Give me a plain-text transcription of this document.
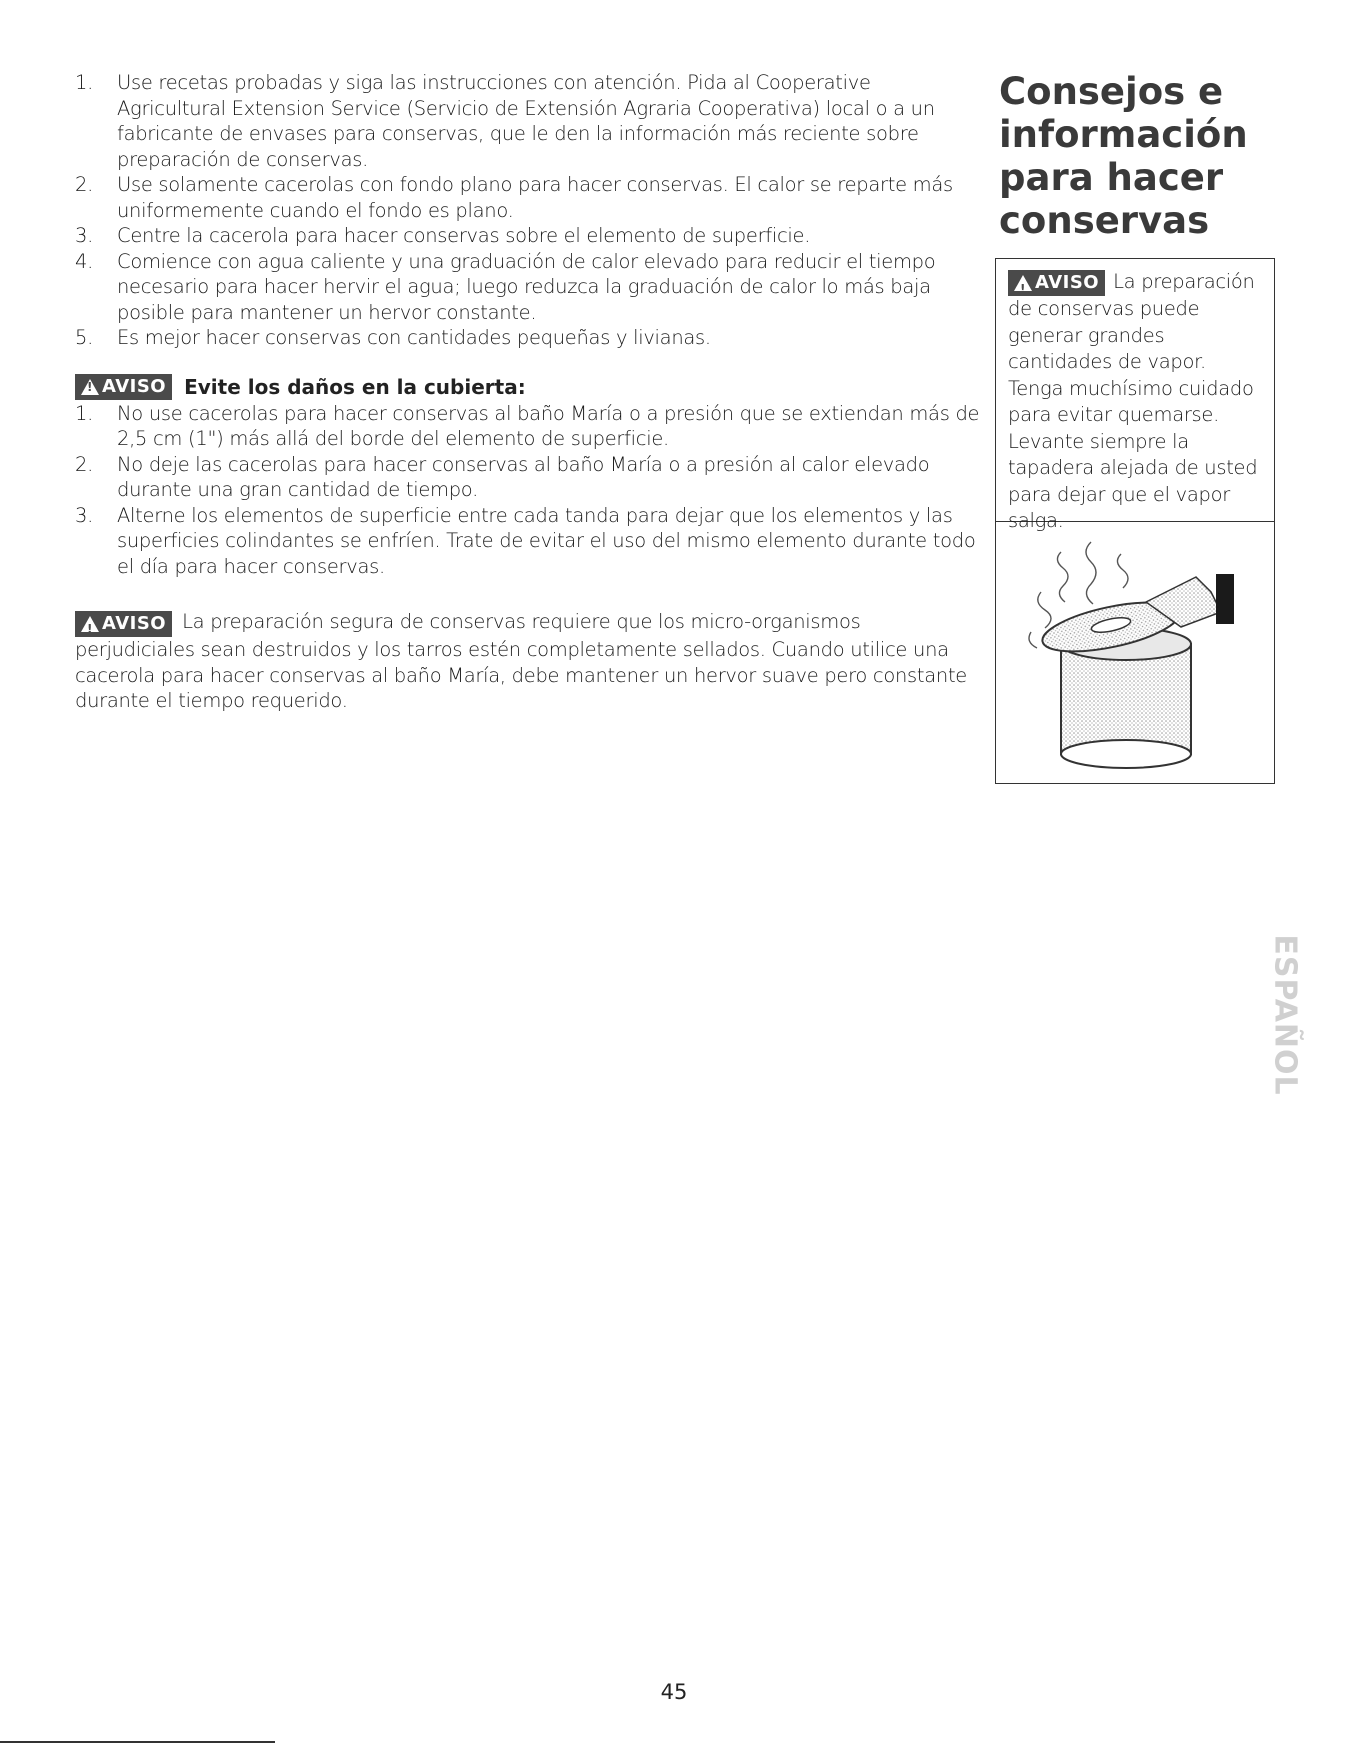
1. Use recetas probadas y siga las instrucciones con atención. Pida al Cooperative Agricultural Extension Service (Servicio de Extensión Agraria Cooperativa) local o a un fabricante de envases para conservas, que le den la información más reciente sobre preparación de conservas.
2. Use solamente cacerolas con fondo plano para hacer conservas. El calor se reparte más uniformemente cuando el fondo es plano.
3. Centre la cacerola para hacer conservas sobre el elemento de superficie.
4. Comience con agua caliente y una graduación de calor elevado para reducir el tiempo necesario para hacer hervir el agua; luego reduzca la graduación de calor lo más baja posible para mantener un hervor constante.
5. Es mejor hacer conservas con cantidades pequeñas y livianas.
!
AVISO Evite los daños en la cubierta:
1. No use cacerolas para hacer conservas al baño María o a presión que se extiendan más de 2,5 cm (1") más allá del borde del elemento de superficie.
2. No deje las cacerolas para hacer conservas al baño María o a presión al calor elevado durante una gran cantidad de tiempo.
3. Alterne los elementos de superficie entre cada tanda para dejar que los elementos y las superficies colindantes se enfríen. Trate de evitar el uso del mismo elemento durante todo el día para hacer conservas.
!
AVISO La preparación segura de conservas requiere que los micro-organismos perjudiciales sean destruidos y los tarros estén completamente sellados. Cuando utilice una cacerola para hacer conservas al baño María, debe mantener un hervor suave pero constante durante el tiempo requerido.
Consejos e
información
para hacer
conservas
!
AVISO La preparación de conservas puede generar grandes cantidades de vapor. Tenga muchísimo cuidado para evitar quemarse. Levante siempre la tapadera alejada de usted para dejar que el vapor salga.
ESPAÑOL
45
